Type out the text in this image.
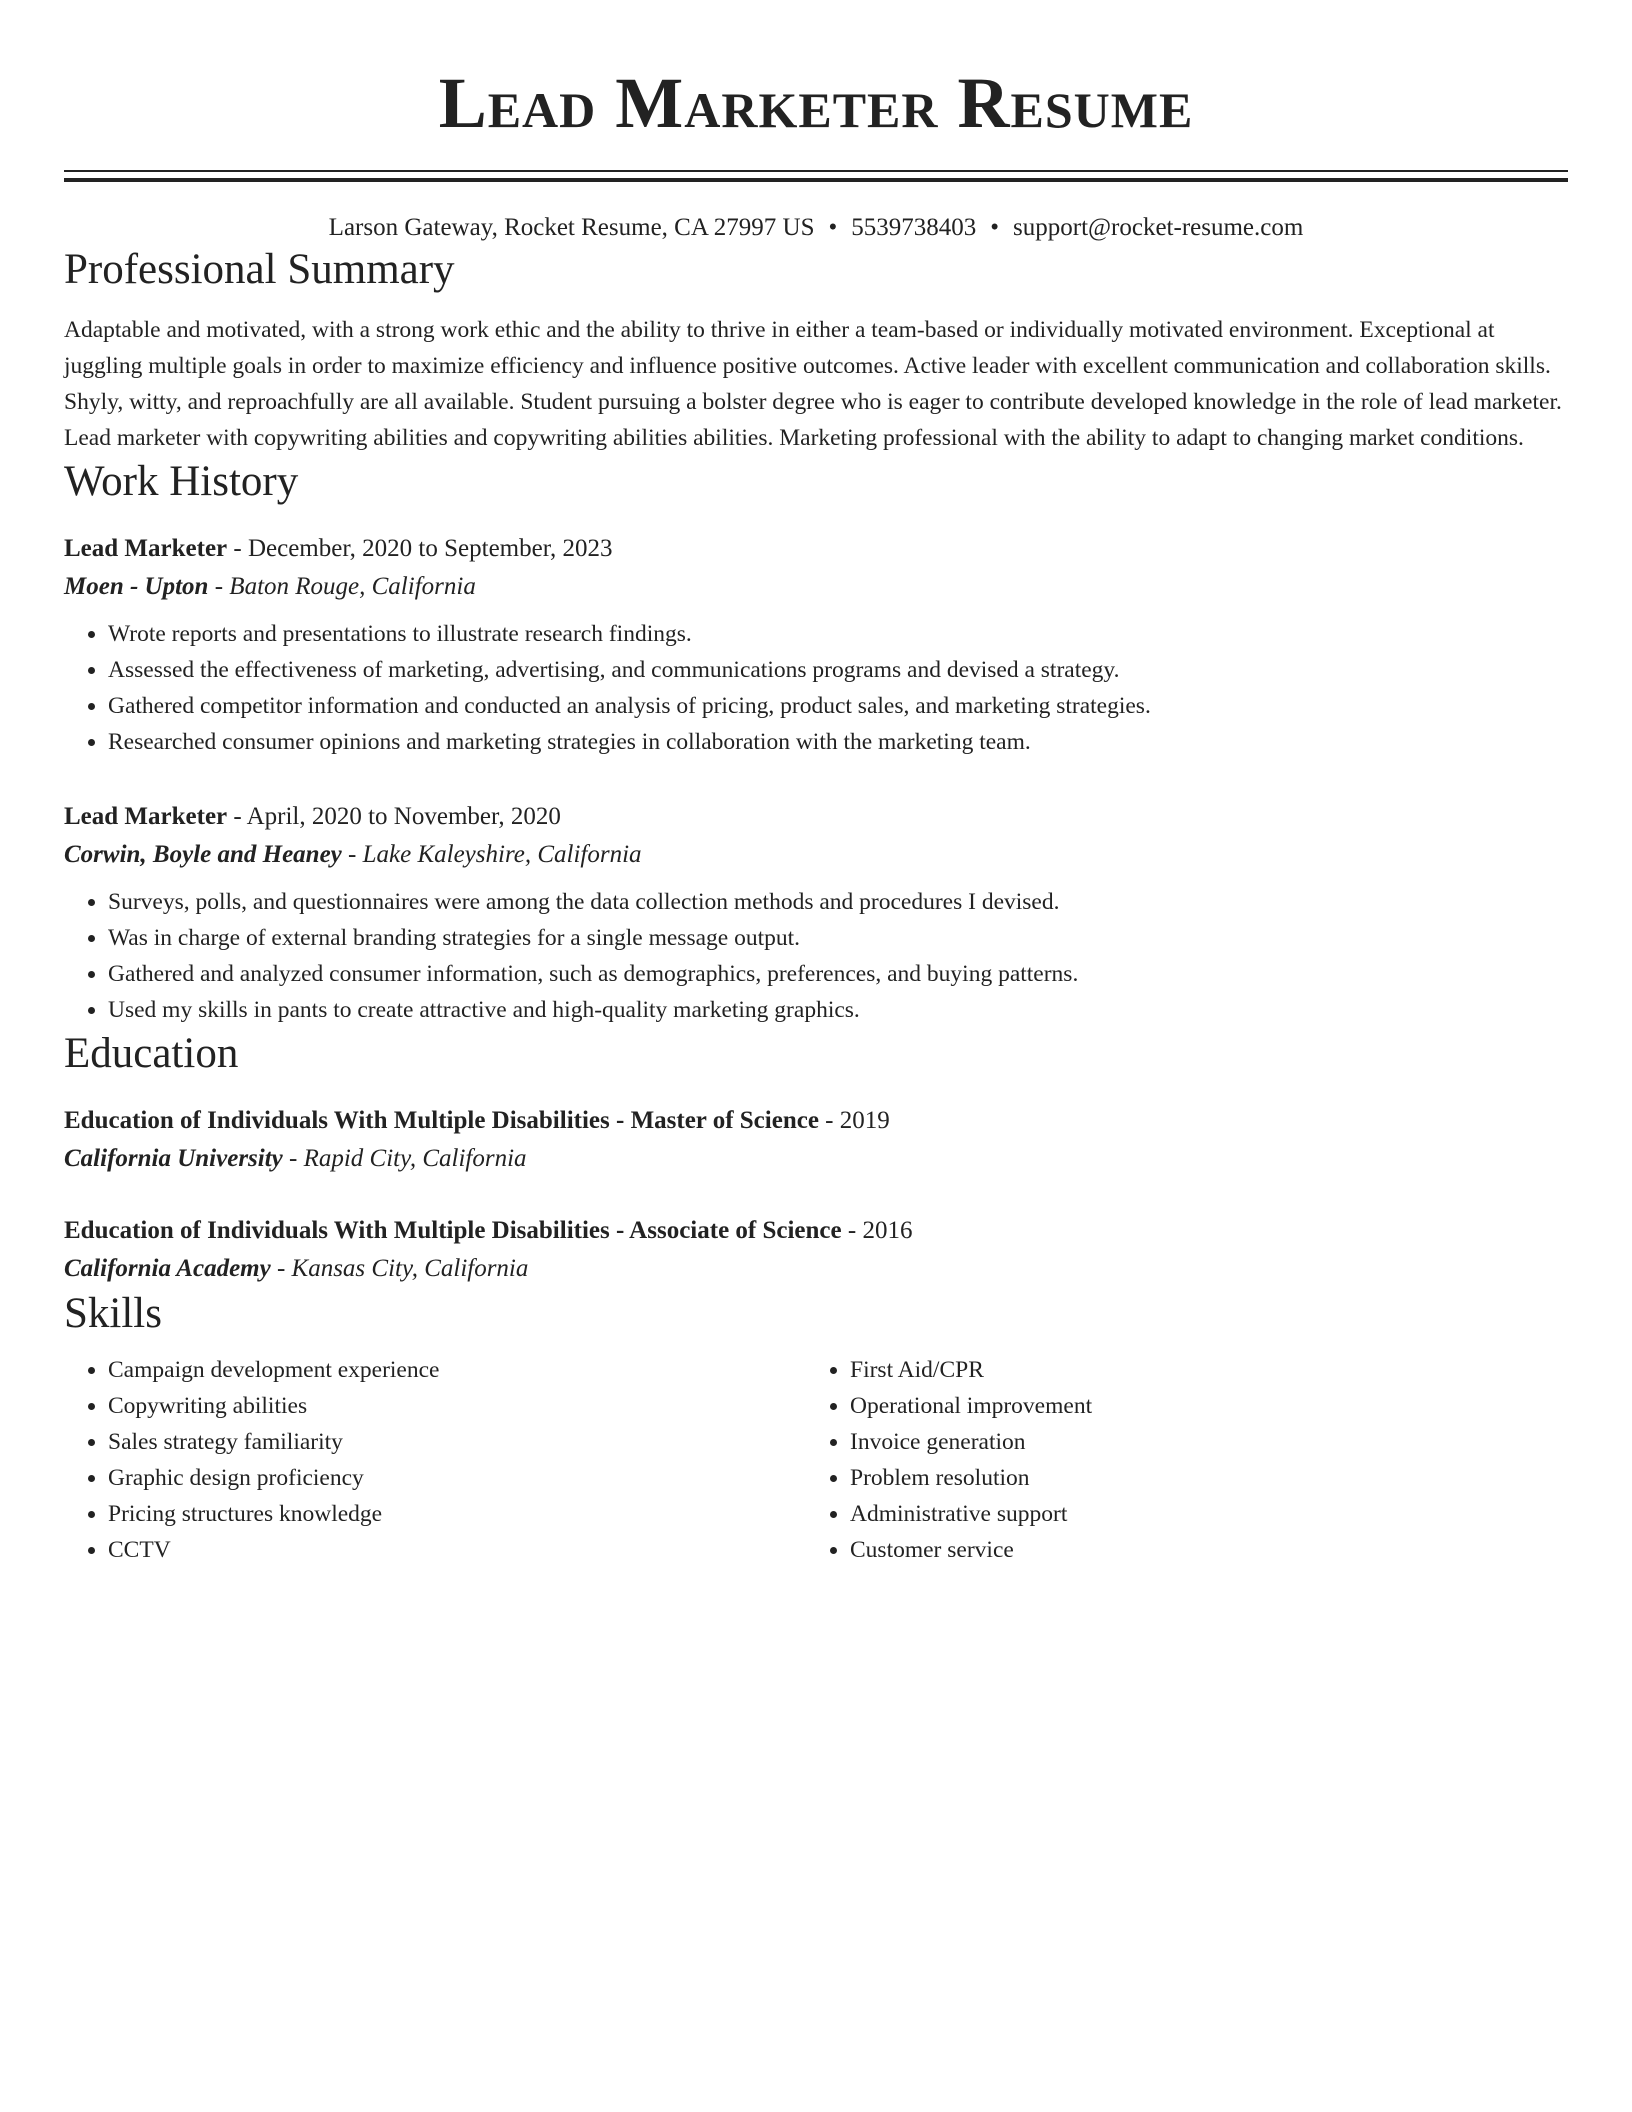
Lead Marketer Resume
Larson Gateway, Rocket Resume, CA 27997 US • 5539738403 • support@rocket-resume.com
Professional Summary
Adaptable and motivated, with a strong work ethic and the ability to thrive in either a team-based or individually motivated environment. Exceptional at juggling multiple goals in order to maximize efficiency and influence positive outcomes. Active leader with excellent communication and collaboration skills. Shyly, witty, and reproachfully are all available. Student pursuing a bolster degree who is eager to contribute developed knowledge in the role of lead marketer. Lead marketer with copywriting abilities and copywriting abilities abilities. Marketing professional with the ability to adapt to changing market conditions.
Work History
Lead Marketer - December, 2020 to September, 2023
Moen - Upton - Baton Rouge, California
• Wrote reports and presentations to illustrate research findings.
• Assessed the effectiveness of marketing, advertising, and communications programs and devised a strategy.
• Gathered competitor information and conducted an analysis of pricing, product sales, and marketing strategies.
• Researched consumer opinions and marketing strategies in collaboration with the marketing team.
Lead Marketer - April, 2020 to November, 2020
Corwin, Boyle and Heaney - Lake Kaleyshire, California
• Surveys, polls, and questionnaires were among the data collection methods and procedures I devised.
• Was in charge of external branding strategies for a single message output.
• Gathered and analyzed consumer information, such as demographics, preferences, and buying patterns.
• Used my skills in pants to create attractive and high-quality marketing graphics.
Education
Education of Individuals With Multiple Disabilities - Master of Science - 2019
California University - Rapid City, California
Education of Individuals With Multiple Disabilities - Associate of Science - 2016
California Academy - Kansas City, California
Skills
• Campaign development experience
• Copywriting abilities
• Sales strategy familiarity
• Graphic design proficiency
• Pricing structures knowledge
• CCTV
• First Aid/CPR
• Operational improvement
• Invoice generation
• Problem resolution
• Administrative support
• Customer service
